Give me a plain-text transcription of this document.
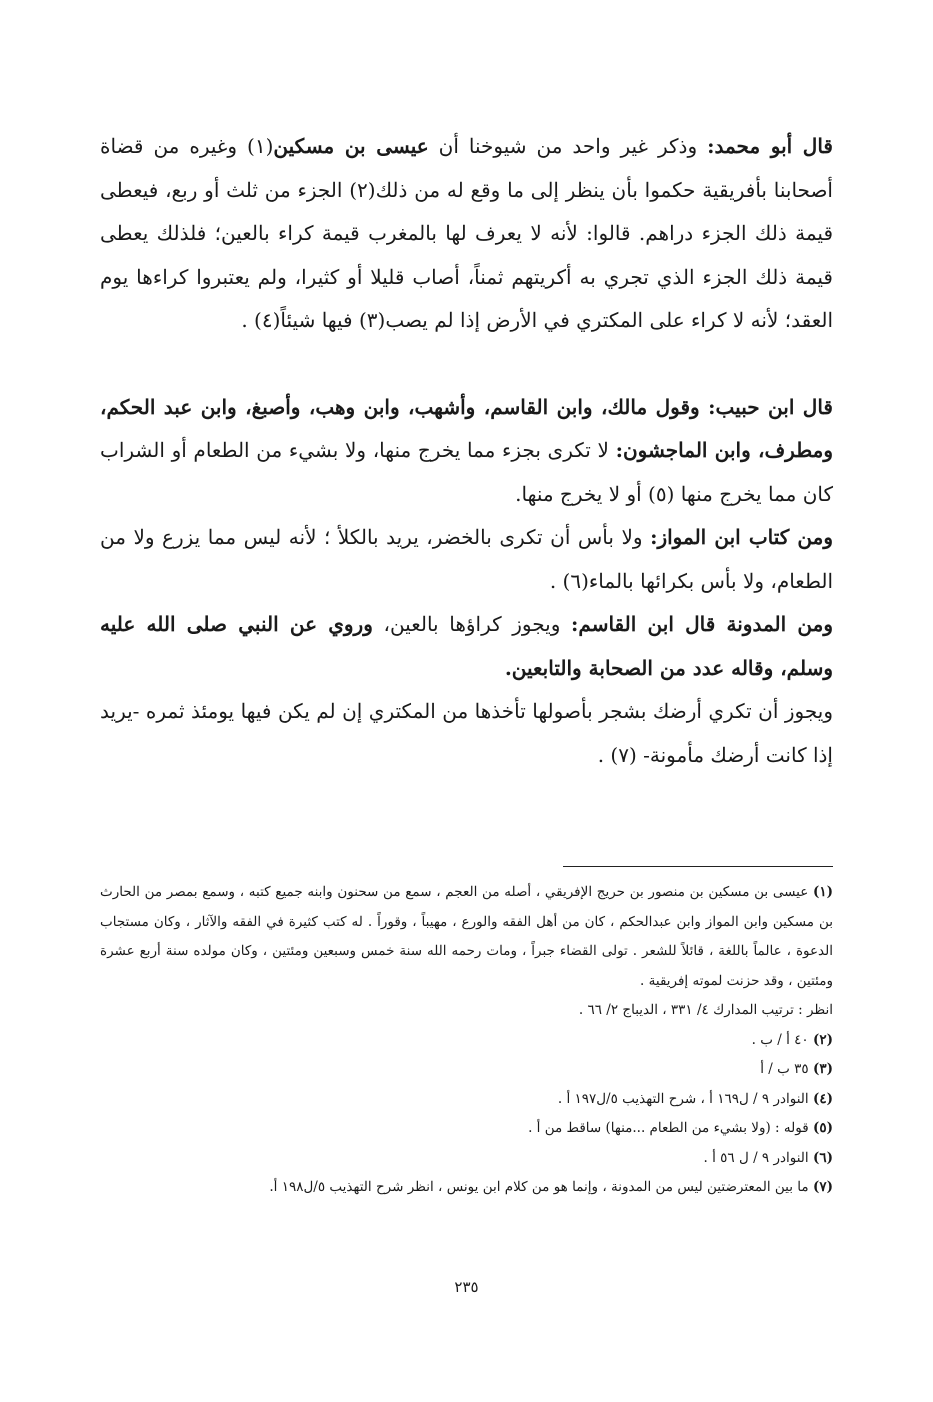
قال أبو محمد: وذكر غير واحد من شيوخنا أن عيسى بن مسكين(١) وغيره من قضاة أصحابنا بأفريقية حكموا بأن ينظر إلى ما وقع له من ذلك(٢) الجزء من ثلث أو ربع، فيعطى قيمة ذلك الجزء دراهم. قالوا: لأنه لا يعرف لها بالمغرب قيمة كراء بالعين؛ فلذلك يعطى قيمة ذلك الجزء الذي تجري به أكريتهم ثمناً، أصاب قليلا أو كثيرا، ولم يعتبروا كراءها يوم العقد؛ لأنه لا كراء على المكتري في الأرض إذا لم يصب(٣) فيها شيئاً(٤) .

قال ابن حبيب: وقول مالك، وابن القاسم، وأشهب، وابن وهب، وأصبغ، وابن عبد الحكم، ومطرف، وابن الماجشون: لا تكرى بجزء مما يخرج منها، ولا بشيء من الطعام أو الشراب كان مما يخرج منها (٥) أو لا يخرج منها.

ومن كتاب ابن المواز: ولا بأس أن تكرى بالخضر، يريد بالكلأ ؛ لأنه ليس مما يزرع ولا من الطعام، ولا بأس بكرائها بالماء(٦) .

ومن المدونة قال ابن القاسم: ويجوز كراؤها بالعين، وروي عن النبي صلى الله عليه وسلم، وقاله عدد من الصحابة والتابعين.

ويجوز أن تكري أرضك بشجر بأصولها تأخذها من المكتري إن لم يكن فيها يومئذ ثمره -يريد إذا كانت أرضك مأمونة- (٧) .

(١) عيسى بن مسكين بن منصور بن حريج الإفريقي ، أصله من العجم ، سمع من سحنون وابنه جميع كتبه ، وسمع بمصر من الحارث بن مسكين وابن المواز وابن عبدالحكم ، كان من أهل الفقه والورع ، مهيباً ، وقوراً . له كتب كثيرة في الفقه والآثار ، وكان مستجاب الدعوة ، عالماً باللغة ، قائلاً للشعر . تولى القضاء جبراً ، ومات رحمه الله سنة خمس وسبعين ومئتين ، وكان مولده سنة أربع عشرة ومئتين ، وقد حزنت لموته إفريقية .

انظر : ترتيب المدارك ٤/ ٣٣١ ، الديباج ٢/ ٦٦ .

(٢) ٤٠ أ / ب .

(٣) ٣٥ ب / أ

(٤) النوادر ٩ / ل١٦٩ أ ، شرح التهذيب ٥/ل١٩٧ أ .

(٥) قوله : (ولا بشيء من الطعام ...منها) ساقط من أ .

(٦) النوادر ٩ / ل ٥٦ أ .

(٧) ما بين المعترضتين ليس من المدونة ، وإنما هو من كلام ابن يونس ، انظر شرح التهذيب ٥/ل١٩٨ أ.

٢٣٥
